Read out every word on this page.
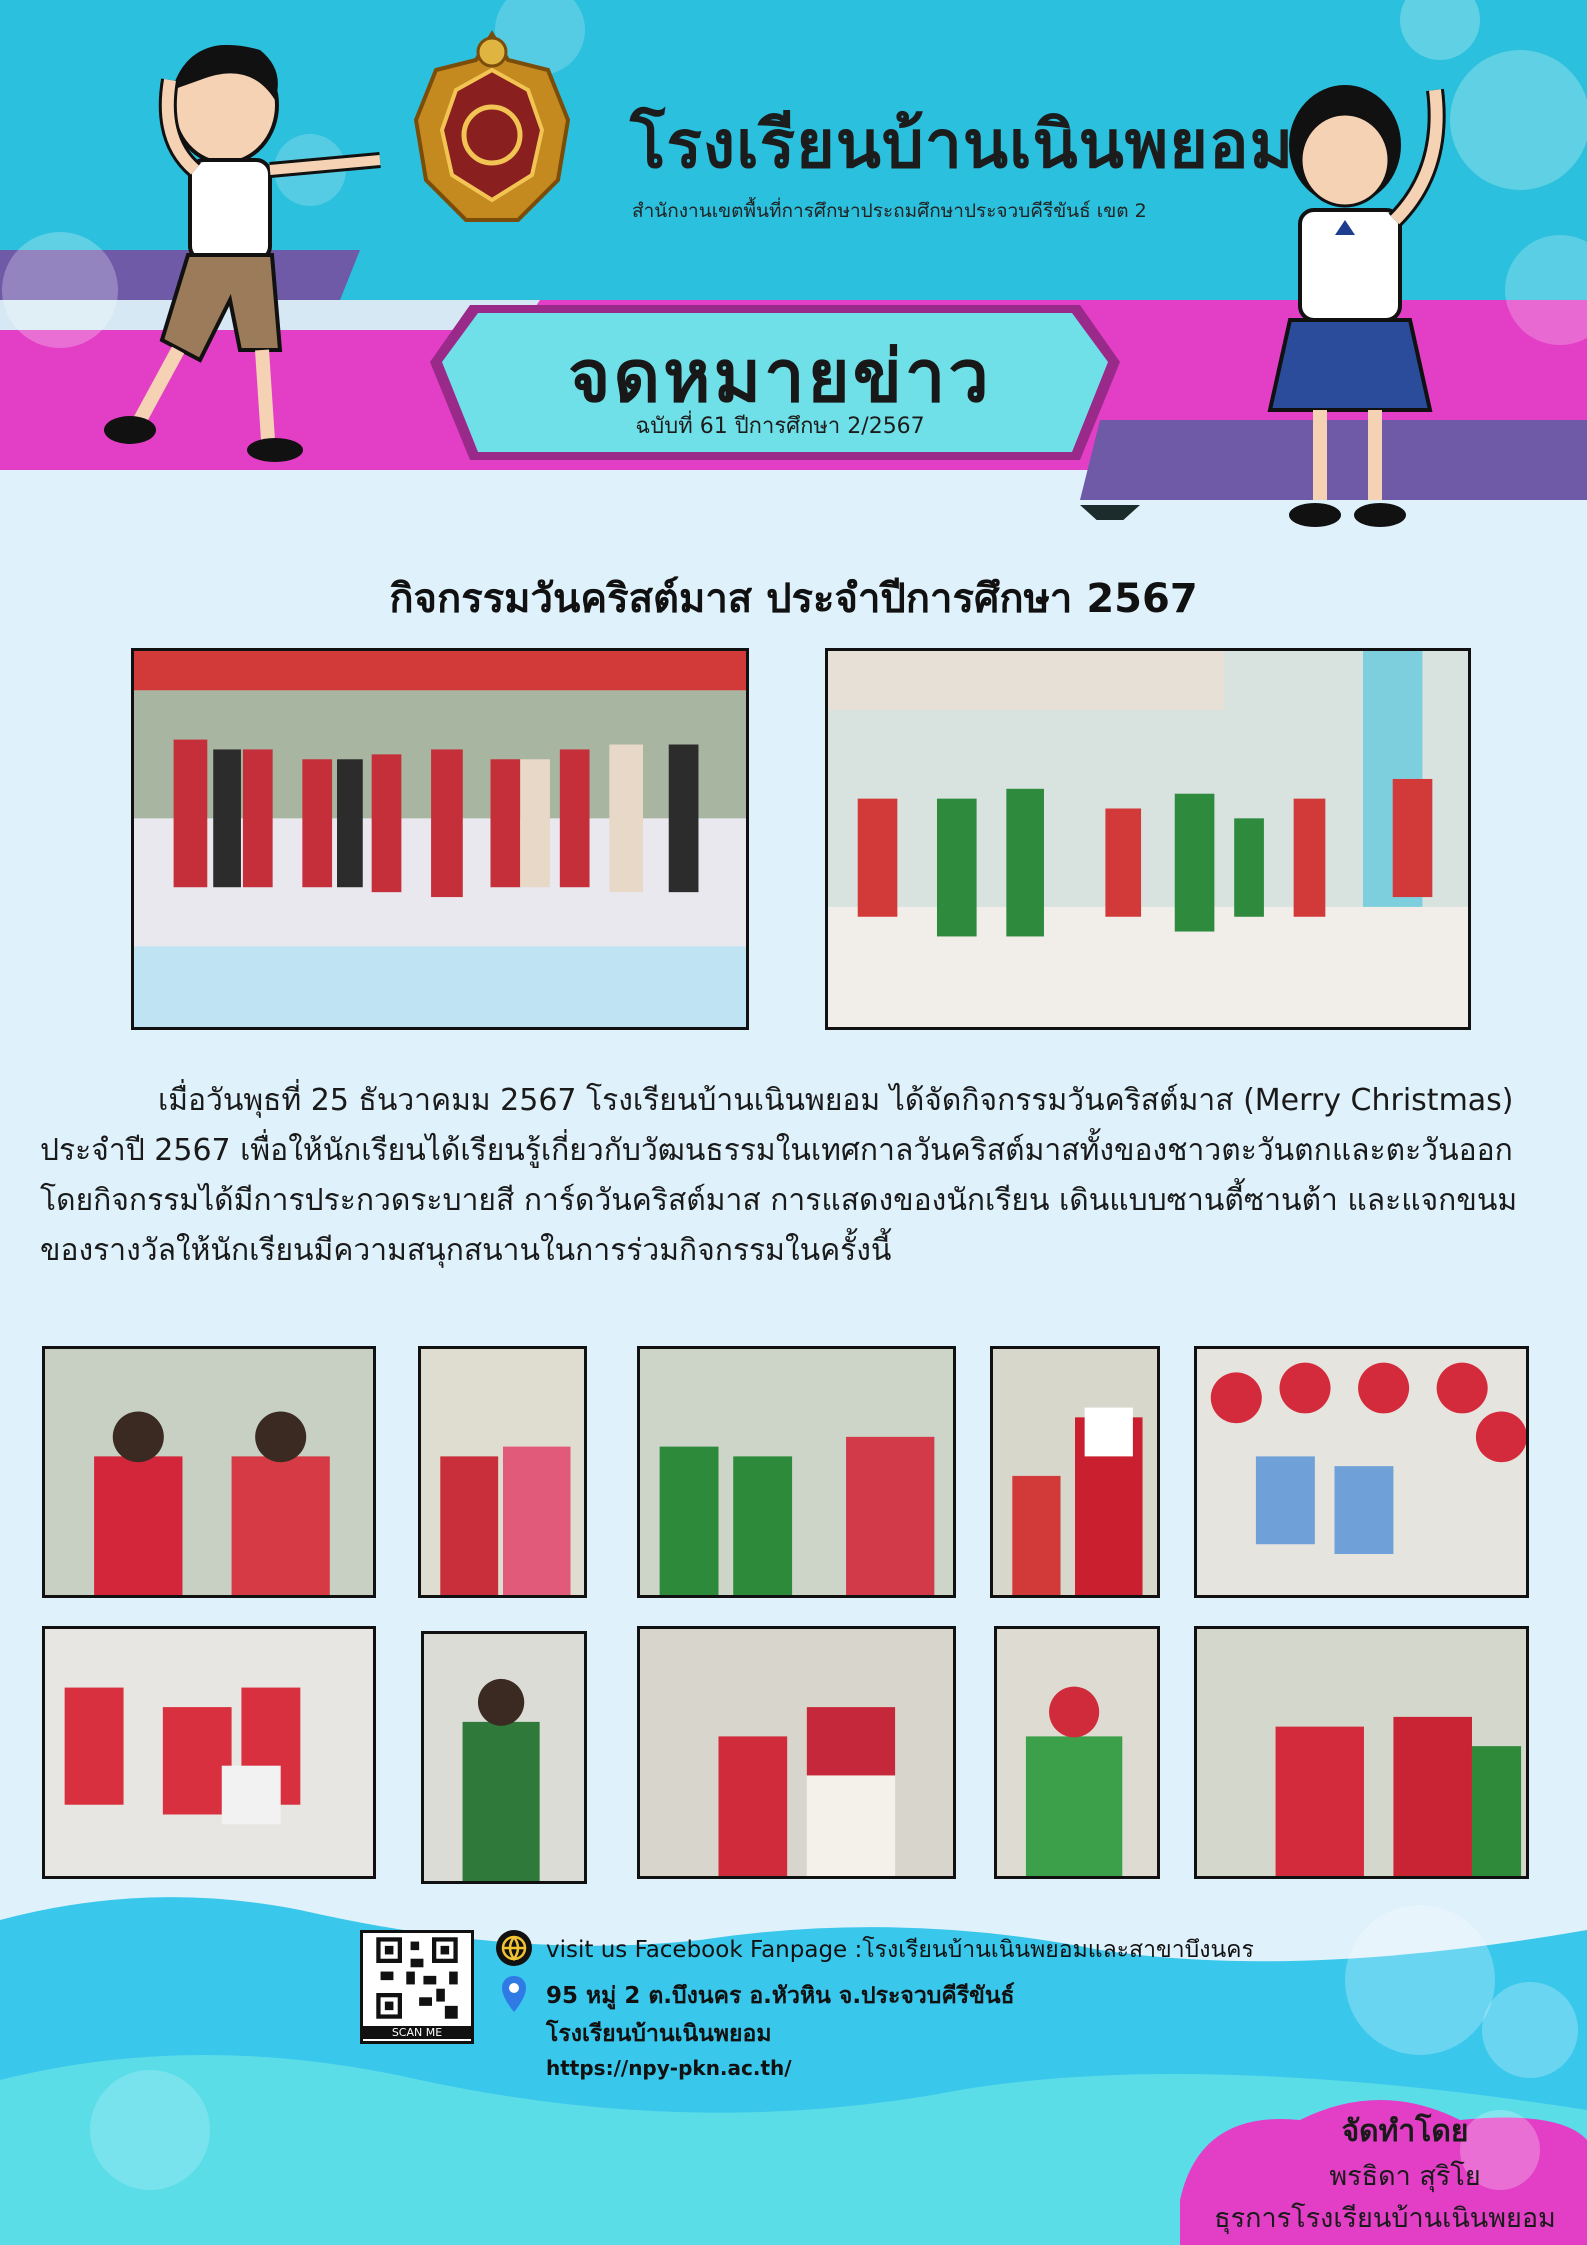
โรงเรียนบ้านเนินพยอม
สำนักงานเขตพื้นที่การศึกษาประถมศึกษาประจวบคีรีขันธ์ เขต 2
จดหมายข่าว
ฉบับที่ 61 ปีการศึกษา 2/2567
กิจกรรมวันคริสต์มาส ประจำปีการศึกษา 2567
เมื่อวันพุธที่ 25 ธันวาคมม 2567 โรงเรียนบ้านเนินพยอม ได้จัดกิจกรรมวันคริสต์มาส (Merry Christmas) ประจำปี 2567 เพื่อให้นักเรียนได้เรียนรู้เกี่ยวกับวัฒนธรรมในเทศกาลวันคริสต์มาสทั้งของชาวตะวันตกและตะวันออก โดยกิจกรรมได้มีการประกวดระบายสี การ์ดวันคริสต์มาส การแสดงของนักเรียน เดินแบบซานตี้ซานต้า และแจกขนมของรางวัลให้นักเรียนมีความสนุกสนานในการร่วมกิจกรรมในครั้งนี้
SCAN ME
visit us Facebook Fanpage :โรงเรียนบ้านเนินพยอมและสาขาบึงนคร
95 หมู่ 2 ต.บึงนคร อ.หัวหิน จ.ประจวบคีรีขันธ์
โรงเรียนบ้านเนินพยอม
https://npy-pkn.ac.th/
จัดทำโดย
พรธิดา สุริโย
ธุรการโรงเรียนบ้านเนินพยอม
